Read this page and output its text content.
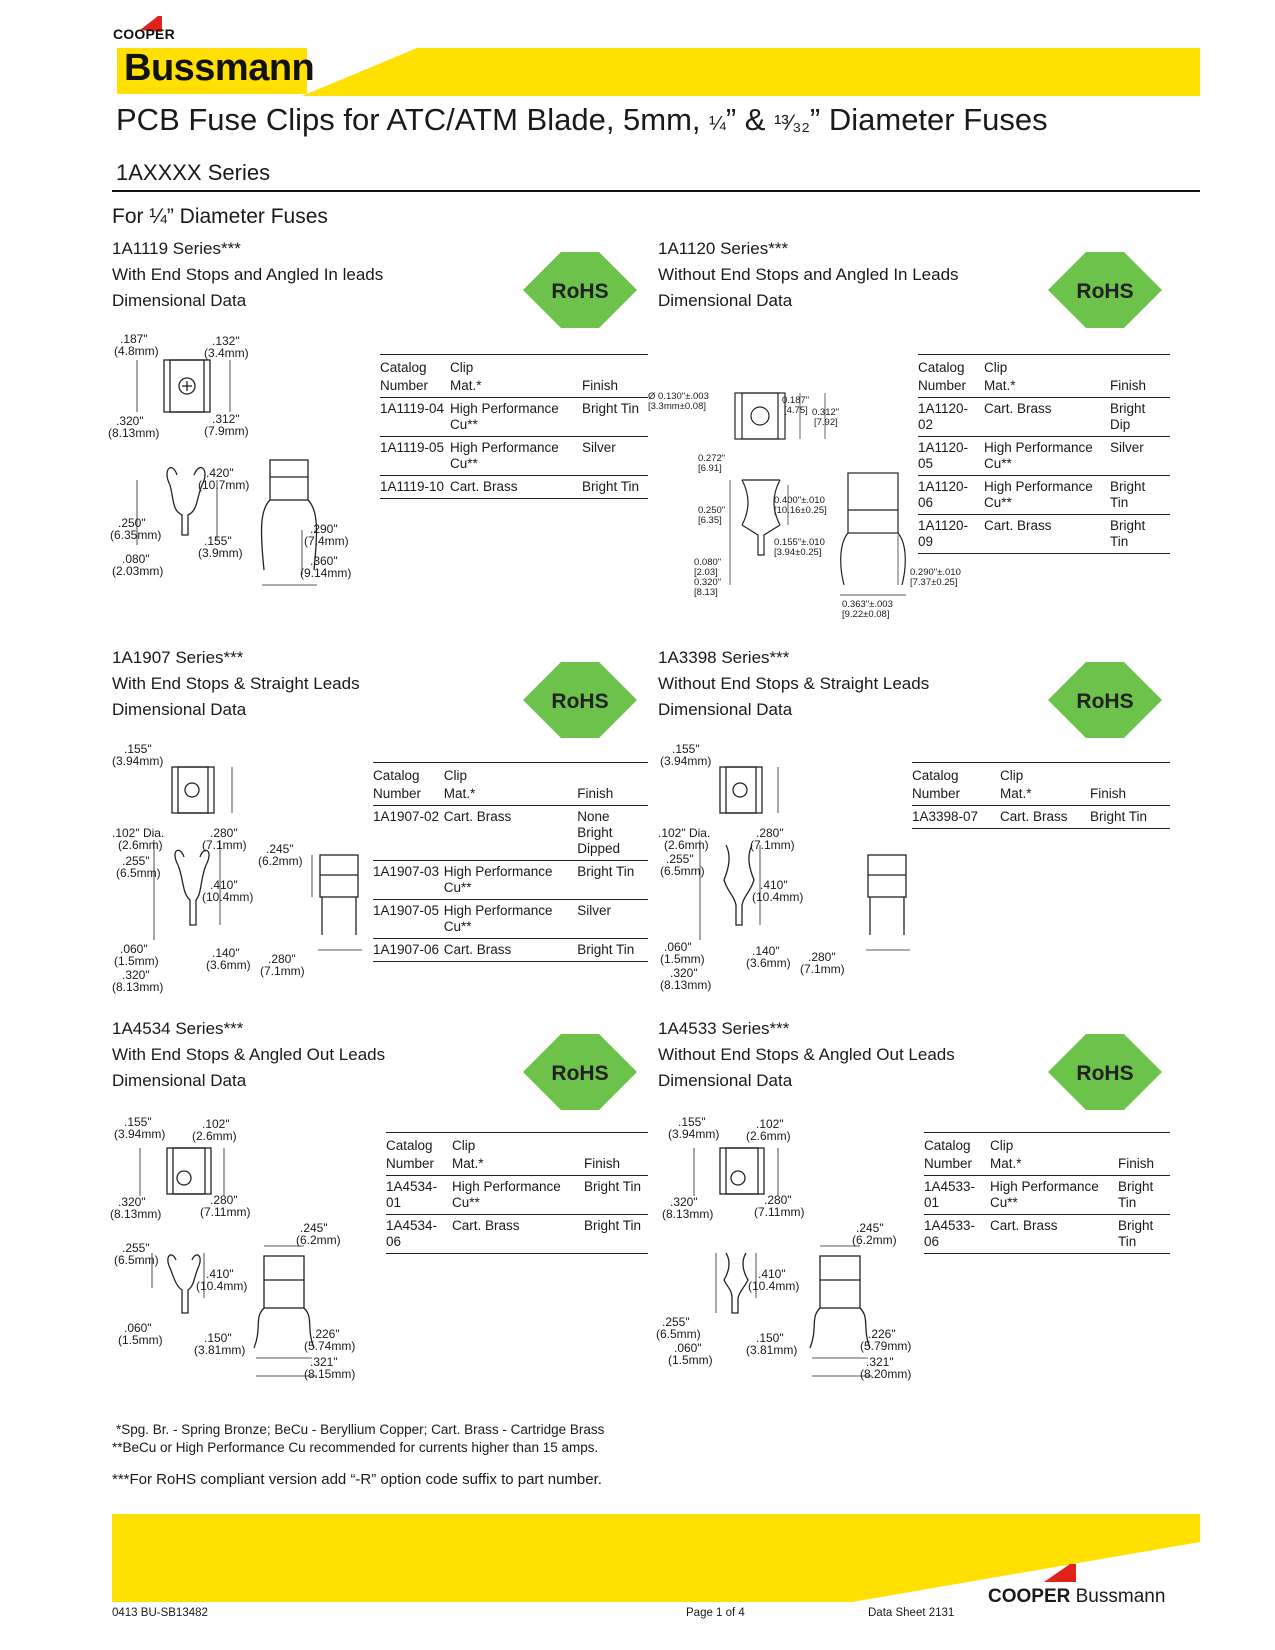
COOPER
Bussmann
PCB Fuse Clips for ATC/ATM Blade, 5mm, ¼” & ¹³⁄₃₂” Diameter Fuses
1AXXXX Series
For ¼” Diameter Fuses
1A1119 Series***
With End Stops and Angled In leads
Dimensional Data	RoHS
Catalog
Number	Clip
Mat.*	Finish
1A1119-04	High Performance Cu**	Bright Tin
1A1119-05	High Performance Cu**	Silver
1A1119-10	Cart. Brass	Bright Tin
.187"
(4.8mm)
.132"
(3.4mm)
.320"
(8.13mm)
.312"
(7.9mm)
.420"
(10.7mm)
.250"
(6.35mm)	.155"
(3.9mm)
.080"
(2.03mm)
.290"
(7.4mm)
.360"
(9.14mm)
1A1120 Series***
Without End Stops and Angled In Leads
Dimensional Data	RoHS
Catalog
Number	Clip
Mat.*	Finish
1A1120-02	Cart. Brass	Bright Dip
1A1120-05	High Performance Cu**	Silver
1A1120-06	High Performance Cu**	Bright Tin
1A1120-09	Cart. Brass	Bright Tin
Ø 0.130"±.003
[3.3mm±0.08]
0.187"
[4.75] 0.312"
[7.92]
0.272"
[6.91]
0.400"±.010
[10.16±0.25]
0.250"
[6.35]
0.155"±.010
[3.94±0.25]
0.080"
[2.03]
0.320"
[8.13]
0.290"±.010
[7.37±0.25]
0.363"±.003
[9.22±0.08]
1A1907 Series***
With End Stops & Straight Leads
Dimensional Data	RoHS
Catalog
Number	Clip
Mat.*	Finish
1A1907-02	Cart. Brass	None Bright Dipped
1A1907-03	High Performance Cu**	Bright Tin
1A1907-05	High Performance Cu**	Silver
1A1907-06	Cart. Brass	Bright Tin
.155"
(3.94mm)
.102" Dia.
(2.6mm)
.280"
(7.1mm)
.255"
(6.5mm)
.410"
(10.4mm)
.245"
(6.2mm)
.060"
(1.5mm)
.140"
(3.6mm)
.320"
(8.13mm)
.280"
(7.1mm)
1A3398 Series***
Without End Stops & Straight Leads
Dimensional Data	RoHS
Catalog
Number	Clip
Mat.*	Finish
1A3398-07	Cart. Brass	Bright Tin
.155"
(3.94mm)
.102" Dia.
(2.6mm)
.280"
(7.1mm)
.255"
(6.5mm)
.410"
(10.4mm)
.060"
(1.5mm)
.140"
(3.6mm)
.320"
(8.13mm)
.280"
(7.1mm)
1A4534 Series***
With End Stops & Angled Out Leads
Dimensional Data	RoHS
Catalog
Number	Clip
Mat.*	Finish
1A4534-01	High Performance Cu**	Bright Tin
1A4534-06	Cart. Brass	Bright Tin
.155"
(3.94mm)
.102"
(2.6mm)
.320"
(8.13mm)
.280"
(7.11mm)
.245"
(6.2mm)
.255"
(6.5mm)
.410"
(10.4mm)
.060"
(1.5mm)	.150"
(3.81mm)
.226"
(5.74mm)
.321"
(8.15mm)
1A4533 Series***
Without End Stops & Angled Out Leads
Dimensional Data	RoHS
Catalog
Number	Clip
Mat.*	Finish
1A4533-01	High Performance Cu**	Bright Tin
1A4533-06	Cart. Brass	Bright Tin
.155"
(3.94mm)
.102"
(2.6mm)
.320"
(8.13mm)
.280"
(7.11mm)
.245"
(6.2mm)
.410"
(10.4mm)
.255"
(6.5mm)
.060"
(1.5mm)
.150"
(3.81mm)
.226"
(5.79mm)
.321"
(8.20mm)
*Spg. Br. - Spring Bronze; BeCu - Beryllium Copper; Cart. Brass - Cartridge Brass
**BeCu or High Performance Cu recommended for currents higher than 15 amps.
***For RoHS compliant version add “-R” option code suffix to part number.
0413 BU-SB13482	Page 1 of 4	Data Sheet 2131
COOPER Bussmann
